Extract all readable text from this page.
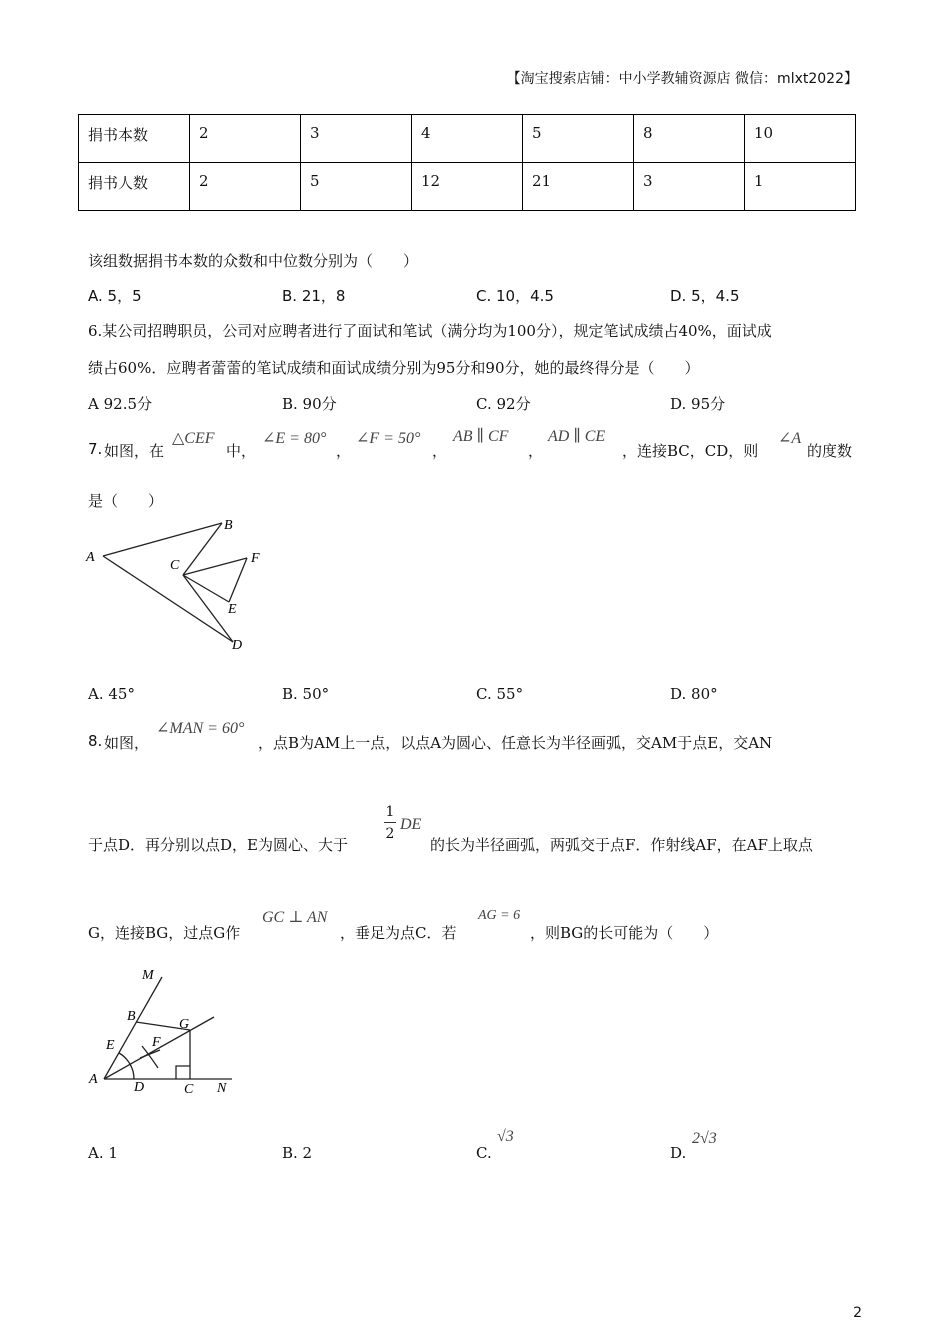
【淘宝搜索店铺：中小学教辅资源店 微信：mlxt2022】
捐书本数	2	3	4	5	8	10
捐书人数	2	5	12	21	3	1
该组数据捐书本数的众数和中位数分别为（　　）
A. 5，5	B. 21，8	C. 10，4.5	D. 5，4.5
6.某公司招聘职员，公司对应聘者进行了面试和笔试（满分均为100分），规定笔试成绩占40%，面试成
绩占60%．应聘者蕾蕾的笔试成绩和面试成绩分别为95分和90分，她的最终得分是（　　）
A 92.5分	B. 90分	C. 92分	D. 95分
7. 如图，在
△CEF
中，
∠E = 80°
，
∠F = 50°
，
AB ∥ CF
，
AD ∥ CE
，连接BC，CD，则
∠A
的度数
是（　　）
A
B
C	F
E
D
A. 45°	B. 50°	C. 55°	D. 80°
8. 如图，
∠MAN = 60°
，点B为AM上一点，以点A为圆心、任意长为半径画弧，交AM于点E，交AN
于点D．再分别以点D，E为圆心、大于
1
2
DE
的长为半径画弧，两弧交于点F．作射线AF，在AF上取点
G，连接BG，过点G作
GC ⊥ AN
，垂足为点C．若
AG = 6
，则BG的长可能为（　　）
M
B
G
E	F
A
D	C N
A. 1	B. 2	C.
√3
D.
2√3
2
